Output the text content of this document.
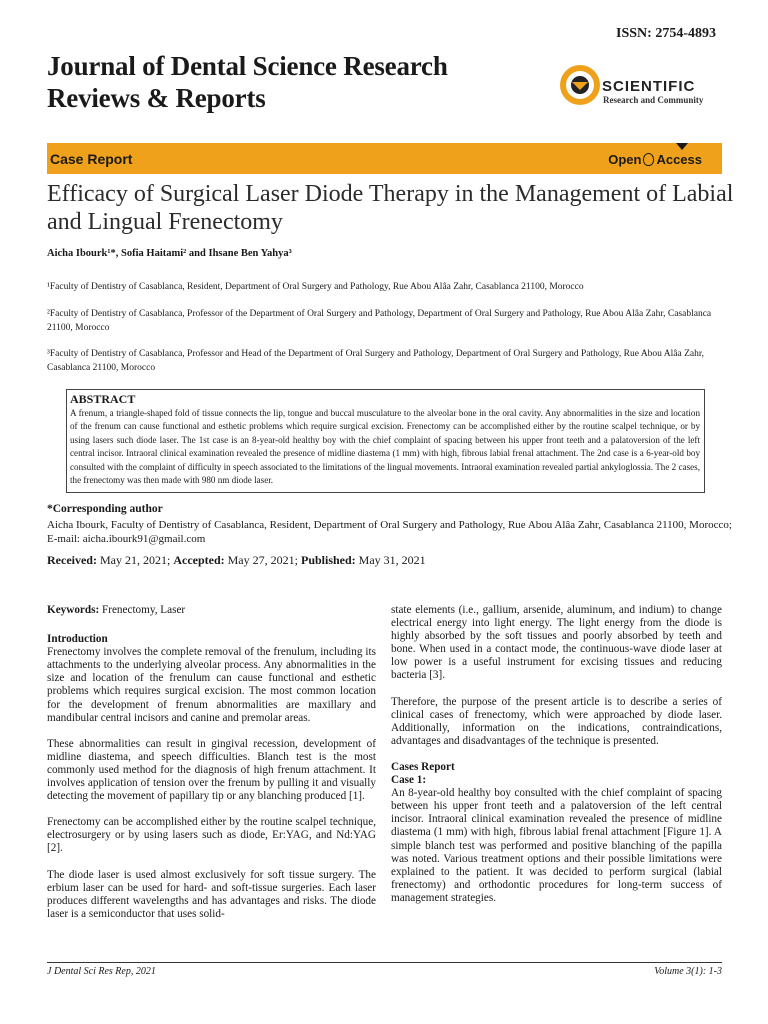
ISSN: 2754-4893
Journal of Dental Science Research
Reviews & Reports	SCIENTIFIC
Research and Community
Case Report	Open Access
Efficacy of Surgical Laser Diode Therapy in the Management of Labial and Lingual Frenectomy
Aicha Ibourk¹*, Sofia Haitami² and Ihsane Ben Yahya³
¹Faculty of Dentistry of Casablanca, Resident, Department of Oral Surgery and Pathology, Rue Abou Alâa Zahr, Casablanca 21100, Morocco
²Faculty of Dentistry of Casablanca, Professor of the Department of Oral Surgery and Pathology, Department of Oral Surgery and Pathology, Rue Abou Alâa Zahr, Casablanca 21100, Morocco
³Faculty of Dentistry of Casablanca, Professor and Head of the Department of Oral Surgery and Pathology, Department of Oral Surgery and Pathology, Rue Abou Alâa Zahr, Casablanca 21100, Morocco
ABSTRACT
A frenum, a triangle-shaped fold of tissue connects the lip, tongue and buccal musculature to the alveolar bone in the oral cavity. Any abnormalities in the size and location of the frenum can cause functional and esthetic problems which require surgical excision. Frenectomy can be accomplished either by the routine scalpel technique, or by using lasers such diode laser. The 1st case is an 8-year-old healthy boy with the chief complaint of spacing between his upper front teeth and a palatoversion of the left central incisor. Intraoral clinical examination revealed the presence of midline diastema (1 mm) with high, fibrous labial frenal attachment. The 2nd case is a 6-year-old boy consulted with the complaint of difficulty in speech associated to the limitations of the lingual movements. Intraoral examination revealed partial ankyloglossia. The 2 cases, the frenectomy was then made with 980 nm diode laser.
*Corresponding author
Aicha Ibourk, Faculty of Dentistry of Casablanca, Resident, Department of Oral Surgery and Pathology, Rue Abou Alâa Zahr, Casablanca 21100, Morocco; E-mail: aicha.ibourk91@gmail.com
Received: May 21, 2021; Accepted: May 27, 2021; Published: May 31, 2021

Keywords: Frenectomy, Laser

Introduction

Frenectomy involves the complete removal of the frenulum, including its attachments to the underlying alveolar process. Any abnormalities in the size and location of the frenulum can cause functional and esthetic problems which requires surgical excision. The most common location for the development of frenum abnormalities are maxillary and mandibular central incisors and canine and premolar areas.

These abnormalities can result in gingival recession, development of midline diastema, and speech difficulties. Blanch test is the most commonly used method for the diagnosis of high frenum attachment. It involves application of tension over the frenum by pulling it and visually detecting the movement of papillary tip or any blanching produced [1].

Frenectomy can be accomplished either by the routine scalpel technique, electrosurgery or by using lasers such as diode, Er:YAG, and Nd:YAG [2].

The diode laser is used almost exclusively for soft tissue surgery. The erbium laser can be used for hard- and soft-tissue surgeries. Each laser produces different wavelengths and has advantages and risks. The diode laser is a semiconductor that uses solid-

state elements (i.e., gallium, arsenide, aluminum, and indium) to change electrical energy into light energy. The light energy from the diode is highly absorbed by the soft tissues and poorly absorbed by teeth and bone. When used in a contact mode, the continuous-wave diode laser at low power is a useful instrument for excising tissues and reducing bacteria [3].

Therefore, the purpose of the present article is to describe a series of clinical cases of frenectomy, which were approached by diode laser. Additionally, information on the indications, contraindications, advantages and disadvantages of the technique is presented.

Cases Report
Case 1:

An 8-year-old healthy boy consulted with the chief complaint of spacing between his upper front teeth and a palatoversion of the left central incisor. Intraoral clinical examination revealed the presence of midline diastema (1 mm) with high, fibrous labial frenal attachment [Figure 1]. A simple blanch test was performed and positive blanching of the papilla was noted. Various treatment options and their possible limitations were explained to the patient. It was decided to perform surgical (labial frenectomy) and orthodontic procedures for long-term success of management strategies.

J Dental Sci Res Rep, 2021	Volume 3(1): 1-3
